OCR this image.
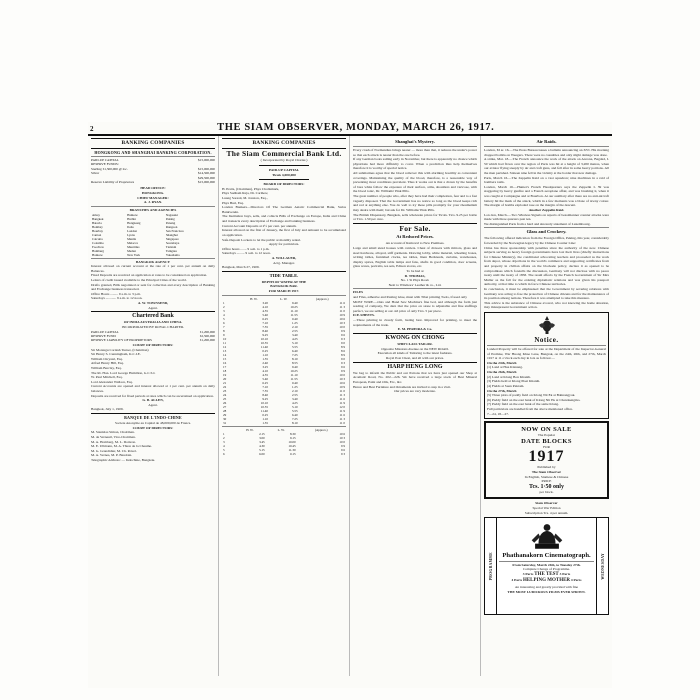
2	THE SIAM OBSERVER, MONDAY, MARCH 26, 1917.
BANKING COMPANIES
HONGKONG AND SHANGHAI BANKING CORPORATION.
PAID-UP CAPITAL	$15,000,000
RESERVE FUNDS:
Sterling £1,500,000 @ 2s/-	$15,000,000
Silver	$14,500,000
$29,500,000
Reserve Liability of Proprietors	$15,000,000
HEAD OFFICE:
HONGKONG.
CHIEF MANAGER:
A. J. RYAN.
BRANCHES AND AGENCIES
Amoy	Hankow	Nagasaki
Bangkok	Harbin	Peking
Batavia	Hongkong	Penang
Bombay	Iloilo	Rangoon
Bourbay	London	San Francisco
Canton	Lyons	Shanghai
Calcutta	Manila	Singapore
Colombo	Malacca	Sourabaya
Foochow	Mauritius	Tientsin
Hamburg	Medan	Tsingtau
Hankow	New York	Yokohama
BANGKOK AGENCY
Interest allowed on current account at the rate of 1 per cent. per annum on daily Balances.
Fixed Deposits are received on application at rates to be considered on application.
Letters of credit issued available to the Principal Cities of the world.
Drafts granted, Bills negotiated or sent for collection and every description of Banking and Exchange business transacted.
Office Hours ......... 9 a.m. to 3 p.m.
Saturdays ............ 9 a.m. to 12 noon.
A. W. TOWNSEND,
Agent.
Chartered Bank
OF INDIA AUSTRALIA AND CHINA.
INCORPORATED BY ROYAL CHARTER.
PAID-UP CAPITAL	£1,200,000
RESERVE FUND	£2,500,000
RESERVE LIABILITY OF PROPRIETORS	£1,200,000
COURT OF DIRECTORS:
Sir Montagu Cornish Turner, (Chairman)
Sir Henry S. Cunningham, K.C.I.E.
William Chrystal, Esq.
Alfred Henry Hill, Esq.
William Barclay, Esq.
The Rt. Hon. Lord George Hamilton, G.C.S.I.
W. Paul Mitchell, Esq.
Lord Alexander Wallace, Esq.
Current Accounts are opened and interest allowed at 1 per cent. per annum on daily balances.
Deposits are received for fixed periods at rates which can be ascertained on application.
G. B. ALLEN,
Agent.
Bangkok, July 1, 1909.
BANQUE DE L'INDO-CHINE
Societe Anonyme au Capital de 48,000,000 de Francs.
COURT OF DIRECTORS:
M. Stanislas Simon, Chairman.
M. de Verneuil, Vice-Chairman.
M. A. Homberg, M. L. Dorizon.
M. E. Ullmann, M. A. Thion de la Chaume.
M. G. Grandidier, M. Ch. Ravel.
M. A. Vernes, M. P. Baudoin.
Telegraphic Address: — Indochine, Bangkok.
BANKING COMPANIES
The Siam Commercial Bank Ltd.
( Incorporated by Royal Charter.)
PAID-UP CAPITAL
Ticals 4,000,000
BOARD OF DIRECTORS:
H. Pratts, (Chairman), Phya Chollamark,
Phya Sudham Raja, Dr. Carthew,
Luang Sorasit, M. Jonston, Esq.,
Phya Buri, Esq.
London Bankers—Directors Of The German Asiatic Commercial Bank, Swiss Bankverein.
The Institution buys, sells, and collects Bills of Exchange on Europe, India and China and transacts every description of Exchange and banking business.
Current Account Deposits at 2½ per cent. per annum.
Interest allowed on the first of January, the first of July and Amount to be accumulated on application.
Safe-Deposit Lockers to let the public at monthly rental.
Apply for particulars.
Office hours ....... 9 a.m. to 1 p.m.
Saturdays ......... 9 a.m. to 12 noon.
A. WILLAUER,
Actg. Manager.
Bangkok, March 27, 1909.
TIDE TABLE.
DEPTH OF WATER AT THE
BANGKOK BAR.
FOR MARCH 1917.
	H. W.	L. W.	(Approx.)
1	3.20	9.40	11 6
2	4.10	10.25	11 3
3	4.55	11.10	11 0
4	5.40	11.55	10 9
5	6.25	0.40	10 6
6	7.10	1.25	10 3
7	7.55	2.10	10 0
8	8.40	2.55	9 9
9	9.25	3.40	9 6
10	10.10	4.25	9 3
11	10.55	5.10	9 0
12	11.40	5.55	8 9
13	0.25	6.40	8 6
14	1.10	7.25	8 9
15	1.55	8.10	9 0
16	2.40	8.55	9 3
17	3.25	9.40	9 6
18	4.10	10.25	9 9
19	4.55	11.10	10 0
20	5.40	11.55	10 3
21	6.25	0.40	10 6
22	7.10	1.25	10 9
23	7.55	2.10	11 0
24	8.40	2.55	11 3
25	9.25	3.40	11 6
26	10.10	4.25	11 9
27	10.55	5.10	12 0
28	11.40	5.55	11 9
29	0.25	6.40	11 6
30	1.10	7.25	11 3
31	1.55	8.10	11 0
	H. W.	L. W.	(Approx.)
1	2.15	8.30	10 6
2	3.00	9.15	10 3
3	3.45	10.00	10 0
4	4.30	10.45	9 9
5	5.15	11.30	9 6
6	6.00	0.15	9 3
Shanghai's Mystery.
Every crash of Normandies brings nearer — more than that, it reduces the under's power so that each attack is nearer than the one before.
If any German boats sailing early in November, but there is apparently no chance which physicians had more difficulty to cover. When a prediction thus help themselves therefore it is worthy of special notice.
All submarines agree that the blood remover this with alarming hostility as convenient coverings. Maintaining the quality of the blood, therefore, is a reasonable way of preventing most conditions prevalent. Thus it works out is that a drawn by the benefits of bare white follow the exposure of their surface, arms, shoulders and varicose, with the blood tonic, Dr. Williams' Pink Pills.
The great number of people who, after they have had their complexion, fear and to a fast vaguely disposed. That the Government has no notice so long as the blood keeps rich and red at anything else. You do well to try these pills promptly for your rheumatism may desire with them; but ask for Dr. Williams' Pink Pills.
The British Dispensary, Bangkok, sells wholesale prices for Ticals. Tics. 9.25 per bottle or Tics. 1.50 per cure.
For Sale.
At Reduced Prices.
An account of Removal to New Premises.
Large and small sized houses with carriers. Chest of drawers with mirrors, glass and steel hardware, alloyed, stiff garments. Drawing lobby, white material, wheeling boxes, writing tables, furnished clocks, tea tables, linen Bedsteads, curtains, warehouses, display spices, English table lamps and fans, shafts in good condition, door screens, glass wares, portraits, tea sets, Edison stoves, etc.
To be had at
D. THOMAS,
No. 1 Si Phya Road.
Next to Windsors' Leather & co., Ltd.
FILES
and Files, adhesive and Pasting Glue, must with Tibet printing Tools, if used only
MOST WIRE.—Oats and Hand Saw Machine's fine bed, and although the form just reading of company, We darn that the price on stone is adjustable and fine stuffings perfect, we are selling at our old price of only Tics. 5 per piece.
ICE-SHEETS.
—Three printing in cloudy form, lasting best. Improved for printing, to meet the requirements of the trade.
E. M. PEREIRA & Co.
KWONG ON CHONG
SHIP CLASS TAILOR.
Opposite Missions Avenue on the NEW ROAD.
Execution all kinds of Tailoring to the latest fashions.
Royal Post Chest, and all with our prices.
HARP HENG LONG
We beg to inform the Public and our Patrons that we have just opened our Shop at Aromatic Road, No. 202—226. We have received a large stock of Best Mineral European, Paint and Oils, Etc., &c.
Hence and Best Furniture and Ornaments are invited to step in a visit.
Our prices are very moderate.
Air Raids.
London, M ar. 16.—The Press Bureau issues a bulletin announcing an XVI. His morning dropped bombs on Weegers. There were no casualties and only slight damage was done.
A strike, Mar. 18.—The French announce the work of the attack on Ancona, Bagdad, I. 50 which had flown over the region of Paris was hit at a height of 3,200 metres, when our aviator flying steeply by air and craft guns, and fell after in some heavy portions. All the men perished. Sixteen nine fell in the vicinity at the border that new damage.
Paris, March 16.—The Zeppelin Raid on a vast squadron; nine machines in a raid of bombers raids.
London, March 16.—Hunter's French Headquarters says the Zeppelin L 39 was staggering by heavy gunfire and a French aeroplane affair, and was brushing it, when it was caught at Compiegne and at Bourbon. At our auxiliary after there are no anti-aircraft battery hit the mark of the attack, which in a few moments was a blaze of tawny colour. The margin of bombs exploded rose on the margin of the descent.
Another Zeppelin Raid.
Lon don, March.—Two Wireless Signals on reports of beastmanner counter attacks were made with three quarters past ten.
We distinguished Paris from a hard and sincerely statement of Luxembourg.
Glass and Crockery.
The following offered indication from the Foreign Office, Peking, this year, considerably forwarded by the Norwegian legacy by the Chinese Courier Line:
China has three sponsorship with penalties since the authority of the new. Chinese subjects serving as heavy foreign governments have lost their lives (chiefly instructions for Chinese Ministry), the conditional advocating teachers and proceeded as the work from depot, whose objections in the world's commerce and supporting certificates from and property in civilian affairs on the blockade policy, declare it as opened to be compromises which foretells the discussion, Germany will not disclose with no peace treaty until the treaty of 1858. The result affects by the French Government of Sir Max Muller as the fall for the existing diplomatic relations and was given his passport authority, at that time to which in force Chinese territories.
In conclusion, it must be emphasised that the Government by severing relations with Germany was acting to free the protection of Chinese citizens and for the maintenance of its position among nations. Therefore it was attempted to take this measure.
This advice is the substance of Chinese avowal, who not knowing the home situation, may misrepresent Government action.
Notice.
Landed Property will be offered for sale at the Department of the Inspector-General of Premise, War Huong Khae Lane, Bangrak, on the 24th, 26th, and 27th, March 1917 at 11 o'clock each day in lots as follows:—
On the 24th, March
(1) Land at Hua Klanang.
On the 26th, March
(2) Land at Klong Bon Khanth.
(3) Fields held at Klong Piset Khanth.
(4) Fields at Suan Pakram.
On the 27th, March
(5) Three plots of paddy field on Klong Nit Ek at Bahnangyok.
(6) Paddy field on the east bank of Klong Nit Ek at Chandaengmo.
(7) Paddy field on the east bank of the same Klong.
Full particulars are handled from the above mentioned office.
7—24, 18—27.
NOW ON SALE
The Popular
DATE BLOCKS
FOR
1917
Published by
The Siam Observer
In English, Siamese & Chinese
PRICE
Tcs. 1·50 only
per block.
Siam Observer
Special War Edition
Subscription Tcs. 4 per annum.
PROGRAMME	Phathanakorn Cinematograph.
From Saturday, March 24th, to Tuesday 27th.
Complete Change of Programme.
3 Parts THE TEST 3 Parts
4 Parts HELPING MOTHER 4 Parts
An interesting and greatly provided with fine
THE MOST LUDICROUS FILMS EVER SHOWN.
WEDNESDAY
